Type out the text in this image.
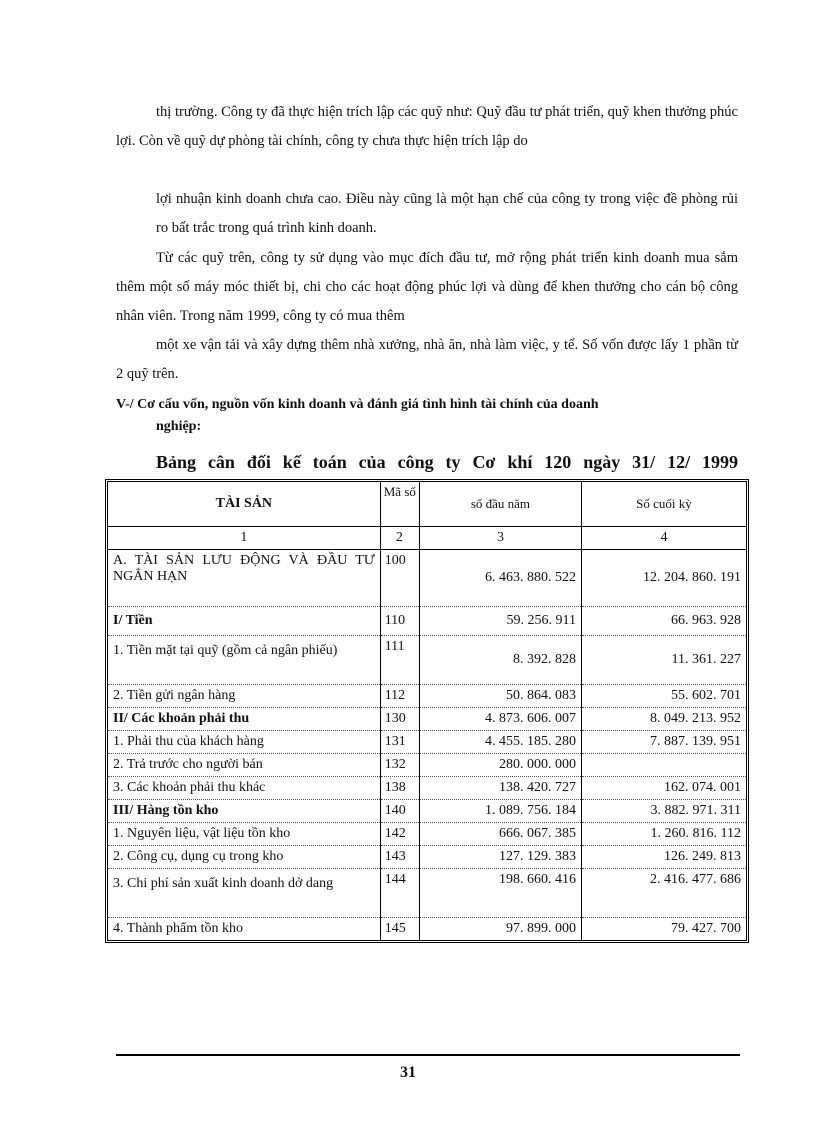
thị trường. Công ty đã thực hiện trích lập các quỹ như: Quỹ đầu tư phát triển, quỹ khen thưởng phúc lợi. Còn về quỹ dự phòng tài chính, công ty chưa thực hiện trích lập do

lợi nhuận kinh doanh chưa cao. Điều này cũng là một hạn chế của công ty trong việc đề phòng rủi ro bất trắc trong quá trình kinh doanh.

Từ các quỹ trên, công ty sử dụng vào mục đích đầu tư, mở rộng phát triển kinh doanh mua sắm thêm một số máy móc thiết bị, chi cho các hoạt động phúc lợi và dùng để khen thưởng cho cán bộ công nhân viên. Trong năm 1999, công ty có mua thêm

một xe vận tải và xây dựng thêm nhà xưởng, nhà ăn, nhà làm việc, y tế. Số vốn được lấy 1 phần từ 2 quỹ trên.

V-/ Cơ cấu vốn, nguồn vốn kinh doanh và đánh giá tình hình tài chính của doanh
nghiệp:

Bảng cân đối kế toán của công ty Cơ khí 120 ngày 31/ 12/ 1999

TÀI SẢN	Mã số	số đầu năm	Số cuối kỳ
1	2	3	4
A. TÀI SẢN LƯU ĐỘNG VÀ ĐẦU TƯ NGẮN HẠN	100	6. 463. 880. 522	12. 204. 860. 191
I/ Tiền	110	59. 256. 911	66. 963. 928
1. Tiền mặt tại quỹ (gồm cả ngân phiếu)	111	8. 392. 828	11. 361. 227
2. Tiền gửi ngân hàng	112	50. 864. 083	55. 602. 701
II/ Các khoản phải thu	130	4. 873. 606. 007	8. 049. 213. 952
1. Phải thu của khách hàng	131	4. 455. 185. 280	7. 887. 139. 951
2. Trả trước cho người bán	132	280. 000. 000	
3. Các khoản phải thu khác	138	138. 420. 727	162. 074. 001
III/ Hàng tồn kho	140	1. 089. 756. 184	3. 882. 971. 311
1. Nguyên liệu, vật liệu tồn kho	142	666. 067. 385	1. 260. 816. 112
2. Công cụ, dụng cụ trong kho	143	127. 129. 383	126. 249. 813
3. Chi phí sản xuất kinh doanh dở dang	144	198. 660. 416	2. 416. 477. 686
4. Thành phẩm tồn kho	145	97. 899. 000	79. 427. 700
31
